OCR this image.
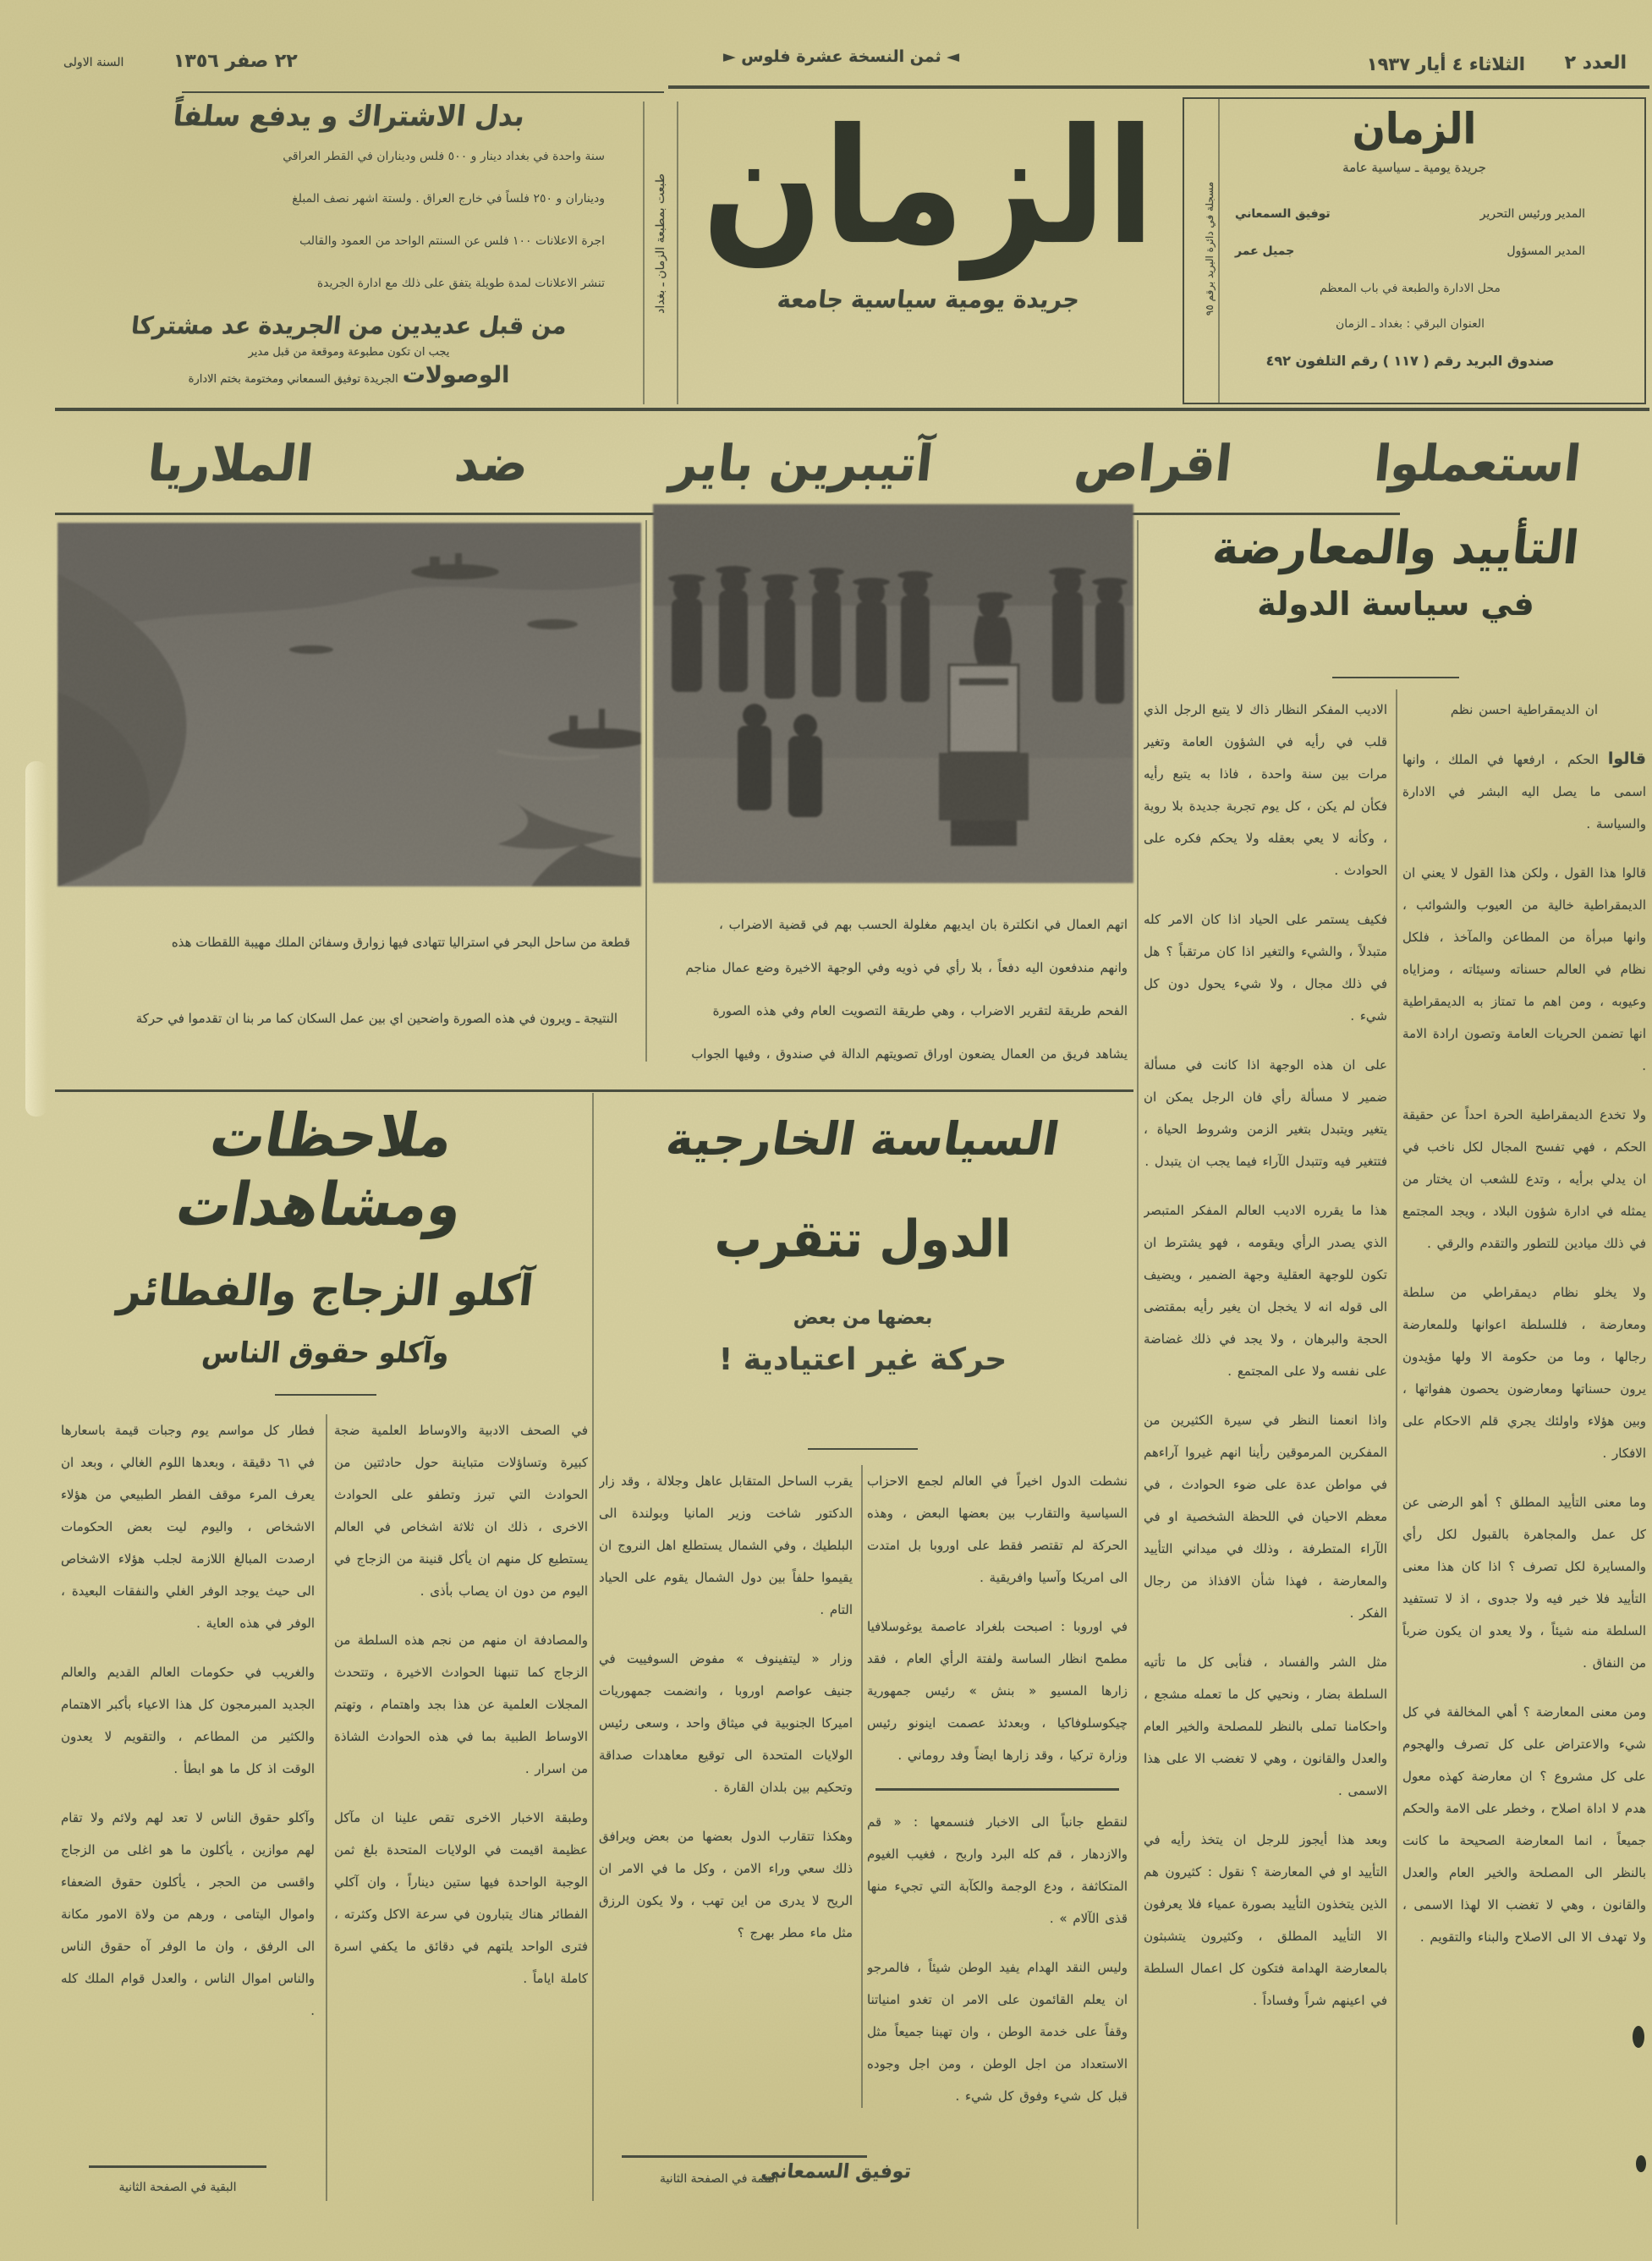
العدد ٢
الثلاثاء ٤ أيار ١٩٣٧
◄ ثمن النسخة عشرة فلوس ►
٢٢ صفر ١٣٥٦
السنة الاولى
بدل الاشتراك و يدفع سلفاً

سنة واحدة في بغداد دينار و ٥٠٠ فلس وديناران في القطر العراقي

وديناران و ٢٥٠ فلساً في خارج العراق . ولستة اشهر نصف المبلغ

اجرة الاعلانات ١٠٠ فلس عن السنتم الواحد من العمود والقالب

تنشر الاعلانات لمدة طويلة يتفق على ذلك مع ادارة الجريدة

من قبل عديدين من الجريدة عد مشتركا
يجب ان تكون مطبوعة وموقعة من قبل مدير
الوصولات الجريدة توفيق السمعاني ومختومة بختم الادارة
طبعت بمطبعة الزمان ـ بغداد الزمان
جريدة يومية سياسية جامعة	مسجلة في دائرة البريد برقم ٩٥
الزمان
جريدة يومية ـ سياسية عامة
المدير ورئيس التحرير
توفيق السمعاني
المدير المسؤول
جميل عمر
محل الادارة والطبعة في باب المعظم
العنوان البرقي : بغداد ـ الزمان
صندوق البريد رقم ( ١١٧ ) رقم التلفون ٤٩٢
استعملوا
اقراص
آتيبرين باير
ضد
الملاريا
التأييد والمعارضة
في سياسة الدولة

ان الديمقراطية احسن نظم

قالوا الحكم ، ارفعها في الملك ، وانها اسمى ما يصل اليه البشر في الادارة والسياسة .

قالوا هذا القول ، ولكن هذا القول لا يعني ان الديمقراطية خالية من العيوب والشوائب ، وانها مبرأة من المطاعن والمآخذ ، فلكل نظام في العالم حسناته وسيئاته ، ومزاياه وعيوبه ، ومن اهم ما تمتاز به الديمقراطية انها تضمن الحريات العامة وتصون ارادة الامة .

ولا تخدع الديمقراطية الحرة احداً عن حقيقة الحكم ، فهي تفسح المجال لكل ناخب في ان يدلي برأيه ، وتدع للشعب ان يختار من يمثله في ادارة شؤون البلاد ، ويجد المجتمع في ذلك ميادين للتطور والتقدم والرقي .

ولا يخلو نظام ديمقراطي من سلطة ومعارضة ، فللسلطة اعوانها وللمعارضة رجالها ، وما من حكومة الا ولها مؤيدون يرون حسناتها ومعارضون يحصون هفواتها ، وبين هؤلاء واولئك يجري قلم الاحكام على الافكار .

وما معنى التأييد المطلق ؟ أهو الرضى عن كل عمل والمجاهرة بالقبول لكل رأي والمسايرة لكل تصرف ؟ اذا كان هذا معنى التأييد فلا خير فيه ولا جدوى ، اذ لا تستفيد السلطة منه شيئاً ، ولا يعدو ان يكون ضرباً من النفاق .

ومن معنى المعارضة ؟ أهي المخالفة في كل شيء والاعتراض على كل تصرف والهجوم على كل مشروع ؟ ان معارضة كهذه معول هدم لا اداة اصلاح ، وخطر على الامة والحكم جميعاً ، انما المعارضة الصحيحة ما كانت بالنظر الى المصلحة والخير العام والعدل والقانون ، وهي لا تغضب الا لهذا الاسمى ، ولا تهدف الا الى الاصلاح والبناء والتقويم .

الاديب المفكر النظار ذاك لا يتبع الرجل الذي قلب في رأيه في الشؤون العامة وتغير مرات بين سنة واحدة ، فاذا به يتبع رأيه فكأن لم يكن ، كل يوم تجربة جديدة بلا روية ، وكأنه لا يعي بعقله ولا يحكم فكره على الحوادث .

فكيف يستمر على الحياد اذا كان الامر كله متبدلاً ، والشيء والتغير اذا كان مرتقباً ؟ هل في ذلك مجال ، ولا شيء يحول دون كل شيء .

على ان هذه الوجهة اذا كانت في مسألة ضمير لا مسألة رأي فان الرجل يمكن ان يتغير ويتبدل بتغير الزمن وشروط الحياة ، فتتغير فيه وتتبدل الآراء فيما يجب ان يتبدل .

هذا ما يقرره الاديب العالم المفكر المتبصر الذي يصدر الرأي ويقومه ، فهو يشترط ان تكون للوجهة العقلية وجهة الضمير ، ويضيف الى قوله انه لا يخجل ان يغير رأيه بمقتضى الحجة والبرهان ، ولا يجد في ذلك غضاضة على نفسه ولا على المجتمع .

واذا انعمنا النظر في سيرة الكثيرين من المفكرين المرموقين رأينا انهم غيروا آراءهم في مواطن عدة على ضوء الحوادث ، في معظم الاحيان في اللحظة الشخصية او في الآراء المتطرفة ، وذلك في ميداني التأييد والمعارضة ، فهذا شأن الافذاذ من رجال الفكر .

مثل الشر والفساد ، فنأبى كل ما تأتيه السلطة بضار ، ونحيي كل ما تعمله مشجع ، واحكامنا تملى بالنظر للمصلحة والخير العام والعدل والقانون ، وهي لا تغضب الا على هذا الاسمى .

وبعد هذا أيجوز للرجل ان يتخذ رأيه في التأييد او في المعارضة ؟ نقول : كثيرون هم الذين يتخذون التأييد بصورة عمياء فلا يعرفون الا التأييد المطلق ، وكثيرون يتشبثون بالمعارضة الهدامة فتكون كل اعمال السلطة في اعينهم شراً وفساداً .

قطعة من ساحل البحر في استراليا تتهادى فيها زوارق وسفائن الملك مهيبة اللقطات هذه
النتيجة ـ ويرون في هذه الصورة واضحين اي بين عمل السكان كما مر بنا ان تقدموا في حركة

اتهم العمال في انكلترة بان ايديهم مغلولة الحسب بهم في قضية الاضراب ،

وانهم مندفعون اليه دفعاً ، بلا رأي في ذويه وفي الوجهة الاخيرة وضع عمال مناجم

الفحم طريقة لتقرير الاضراب ، وهي طريقة التصويت العام وفي هذه الصورة

يشاهد فريق من العمال يضعون اوراق تصويتهم الدالة في صندوق ، وفيها الجواب

ملاحظات ومشاهدات
آكلو الزجاج والفطائر
وآكلو حقوق الناس

في الصحف الادبية والاوساط العلمية ضجة كبيرة وتساؤلات متباينة حول حادثتين من الحوادث التي تبرز وتطفو على الحوادث الاخرى ، ذلك ان ثلاثة اشخاص في العالم يستطيع كل منهم ان يأكل قنينة من الزجاج في اليوم من دون ان يصاب بأذى .

والمصادفة ان منهم من نجم هذه السلطة من الزجاج كما تنبهنا الحوادث الاخيرة ، وتتحدث المجلات العلمية عن هذا بجد واهتمام ، وتهتم الاوساط الطبية بما في هذه الحوادث الشاذة من اسرار .

وطبقة الاخبار الاخرى تقص علينا ان مآكل عظيمة اقيمت في الولايات المتحدة بلغ ثمن الوجبة الواحدة فيها ستين ديناراً ، وان آكلي الفطائر هناك يتبارون في سرعة الاكل وكثرته ، فترى الواحد يلتهم في دقائق ما يكفي اسرة كاملة اياماً .

فطار كل مواسم يوم وجبات قيمة باسعارها في ٦١ دقيقة ، وبعدها اللوم الغالي ، وبعد ان يعرف المرء موقف الفطر الطبيعي من هؤلاء الاشخاص ، واليوم ليت بعض الحكومات ارصدت المبالغ اللازمة لجلب هؤلاء الاشخاص الى حيث يوجد الوفر الغلي والنفقات البعيدة ، الوفر في هذه العاية .

والغريب في حكومات العالم القديم والعالم الجديد المبرمجون كل هذا الاعياء بأكبر الاهتمام والكثير من المطاعم ، والتقويم لا يعدون الوقت اذ كل ما هو ابطأ .

وآكلو حقوق الناس لا تعد لهم ولائم ولا تقام لهم موازين ، يأكلون ما هو اغلى من الزجاج واقسى من الحجر ، يأكلون حقوق الضعفاء واموال اليتامى ، ورهم من ولاة الامور مكانة الى الرفق ، وان ما الوفر آه حقوق الناس والناس اموال الناس ، والعدل قوام الملك كله .

البقية في الصفحة الثانية
السياسة الخارجية
الدول تتقرب
بعضها من بعض
حركة غير اعتيادية !

نشطت الدول اخيراً في العالم لجمع الاحزاب السياسية والتقارب بين بعضها البعض ، وهذه الحركة لم تقتصر فقط على اوروبا بل امتدت الى امريكا وآسيا وافريقية .

في اوروبا : اصبحت بلغراد عاصمة يوغوسلافيا مطمح انظار الساسة ولفتة الرأي العام ، فقد زارها المسيو « بنش » رئيس جمهورية چيكوسلوفاكيا ، وبعدئذ عصمت اينونو رئيس وزارة تركيا ، وقد زارها ايضاً وفد روماني .

لنقطع جانباً الى الاخبار فنسمعها : « قم والازدهار ، قم كله البرد واربح ، فغيب الغيوم المتكاثفة ، ودع الوجمة والكآبة التي تجيء منها قذى الآلام » .

وليس النقد الهدام يفيد الوطن شيئاً ، فالمرجو ان يعلم القائمون على الامر ان تغدو امنياتنا وقفاً على خدمة الوطن ، وان تهبنا جميعاً مثل الاستعداد من اجل الوطن ، ومن اجل وجوده قبل كل شيء وفوق كل شيء .

توفيق السمعاني

يقرب الساحل المتقابل عاهل وجلالة ، وقد زار الدكتور شاخت وزير المانيا وبولندة الى البلطيك ، وفي الشمال يستطلع اهل النروج ان يقيموا حلفاً بين دول الشمال يقوم على الحياد التام .

وزار « ليتفينوف » مفوض السوفييت في جنيف عواصم اوروبا ، وانضمت جمهوريات اميركا الجنوبية في ميثاق واحد ، وسعى رئيس الولايات المتحدة الى توقيع معاهدات صداقة وتحكيم بين بلدان القارة .

وهكذا تتقارب الدول بعضها من بعض ويرافق ذلك سعي وراء الامن ، وكل ما في الامر ان الريح لا يدرى من اين تهب ، ولا يكون الرزق مثل ماء مطر بهرج ؟

التتمة في الصفحة الثانية
